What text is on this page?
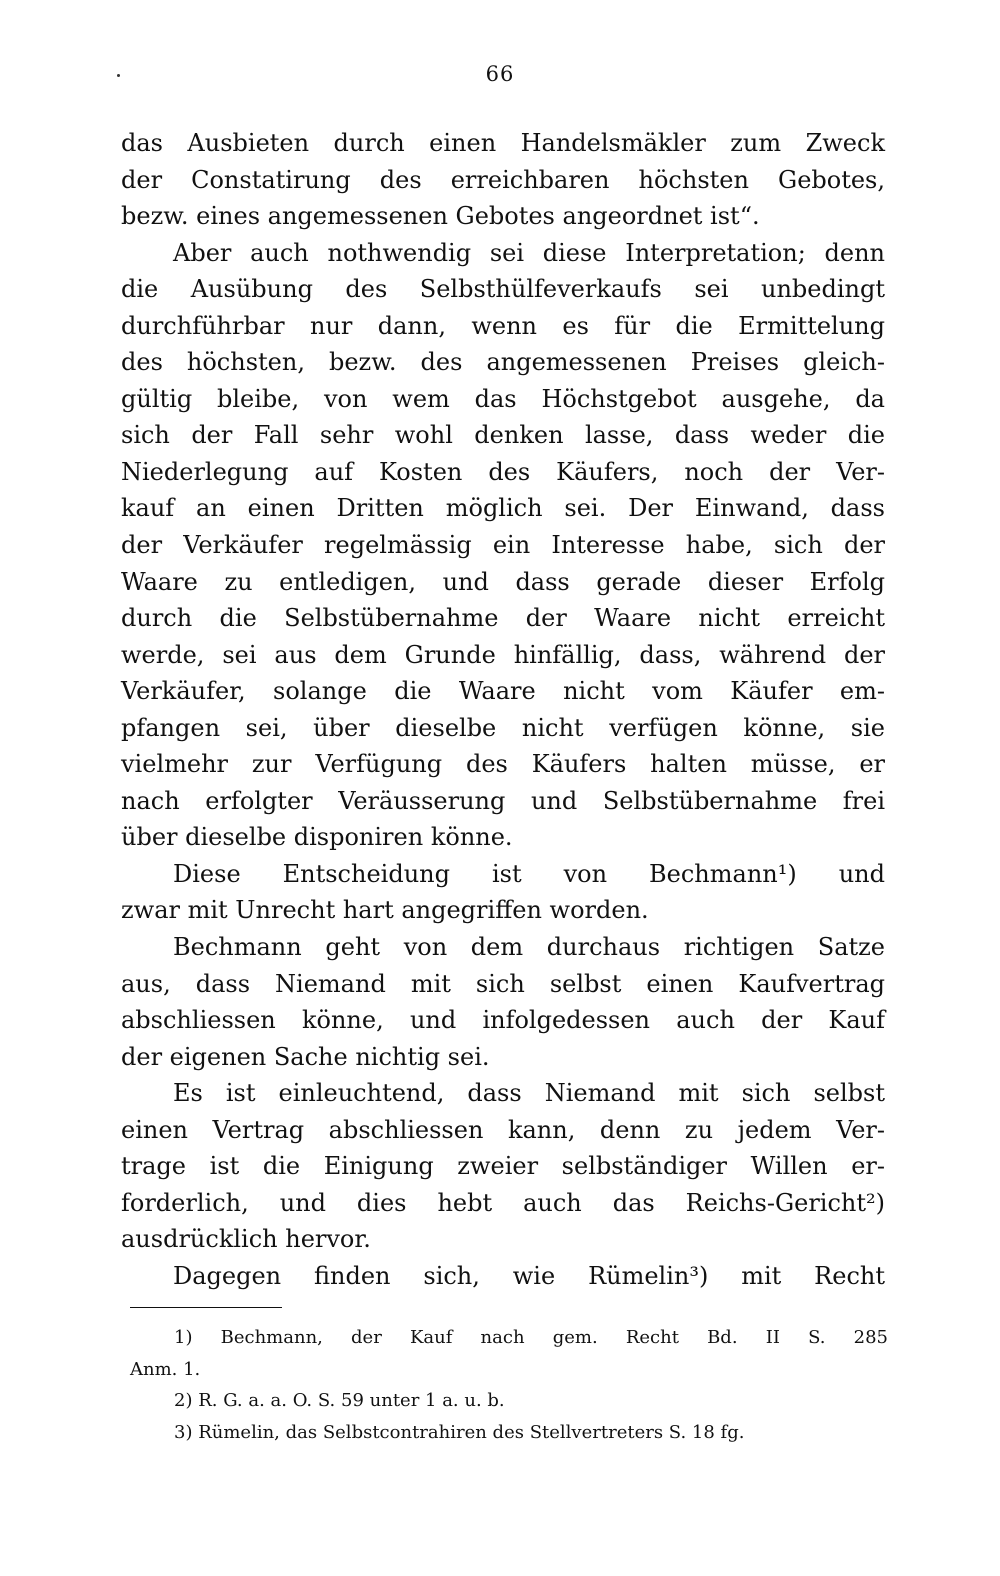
66
das Ausbieten durch einen Handelsmäkler zum Zweck
der Constatirung des erreichbaren höchsten Gebotes,
bezw. eines angemessenen Gebotes angeordnet ist“.
Aber auch nothwendig sei diese Interpretation; denn
die Ausübung des Selbsthülfeverkaufs sei unbedingt
durchführbar nur dann, wenn es für die Ermittelung
des höchsten, bezw. des angemessenen Preises gleich-
gültig bleibe, von wem das Höchstgebot ausgehe, da
sich der Fall sehr wohl denken lasse, dass weder die
Niederlegung auf Kosten des Käufers, noch der Ver-
kauf an einen Dritten möglich sei. Der Einwand, dass
der Verkäufer regelmässig ein Interesse habe, sich der
Waare zu entledigen, und dass gerade dieser Erfolg
durch die Selbstübernahme der Waare nicht erreicht
werde, sei aus dem Grunde hinfällig, dass, während der
Verkäufer, solange die Waare nicht vom Käufer em-
pfangen sei, über dieselbe nicht verfügen könne, sie
vielmehr zur Verfügung des Käufers halten müsse, er
nach erfolgter Veräusserung und Selbstübernahme frei
über dieselbe disponiren könne.
Diese Entscheidung ist von Bechmann¹) und
zwar mit Unrecht hart angegriffen worden.
Bechmann geht von dem durchaus richtigen Satze
aus, dass Niemand mit sich selbst einen Kaufvertrag
abschliessen könne, und infolgedessen auch der Kauf
der eigenen Sache nichtig sei.
Es ist einleuchtend, dass Niemand mit sich selbst
einen Vertrag abschliessen kann, denn zu jedem Ver-
trage ist die Einigung zweier selbständiger Willen er-
forderlich, und dies hebt auch das Reichs-Gericht²)
ausdrücklich hervor.
Dagegen finden sich, wie Rümelin³) mit Recht
1) Bechmann, der Kauf nach gem. Recht Bd. II S. 285
Anm. 1.
2) R. G. a. a. O. S. 59 unter 1 a. u. b.
3) Rümelin, das Selbstcontrahiren des Stellvertreters S. 18 fg.
